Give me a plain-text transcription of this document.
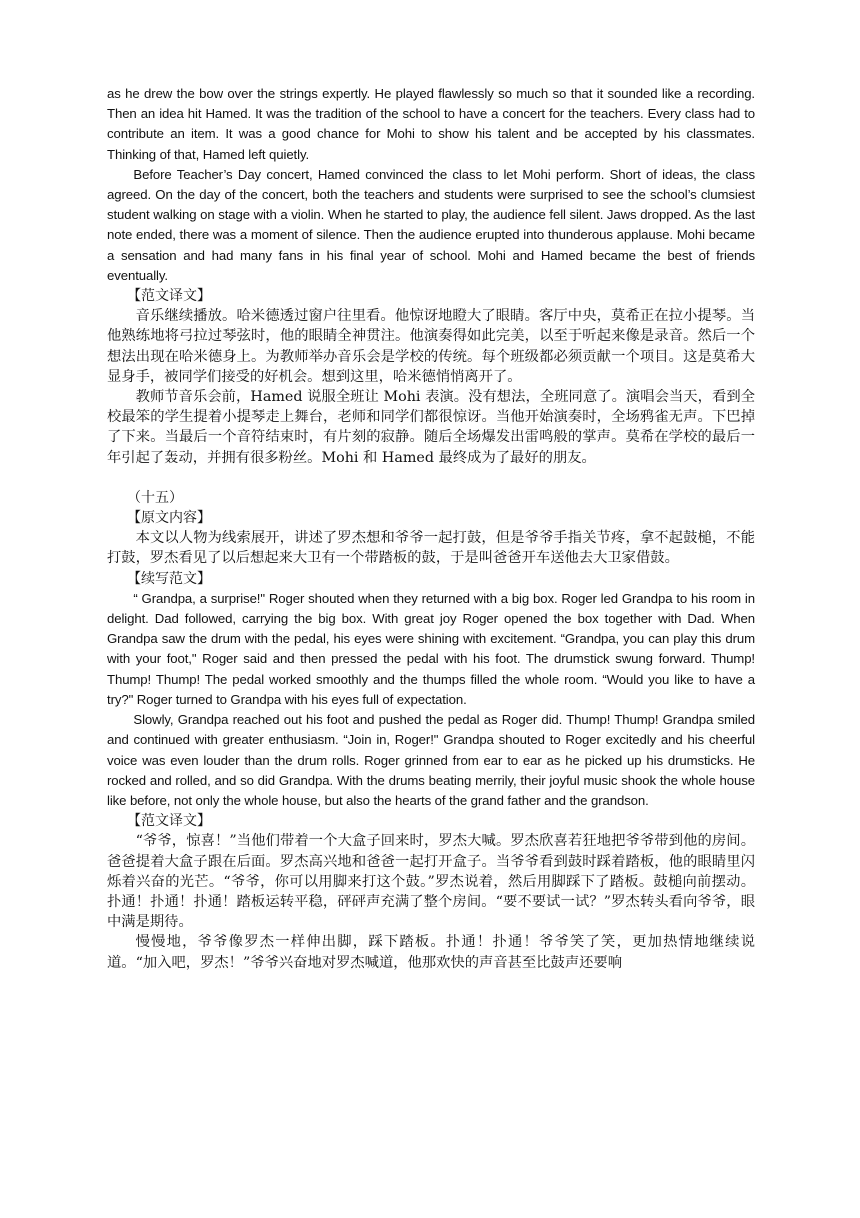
as he drew the bow over the strings expertly. He played flawlessly so much so that it sounded like a recording. Then an idea hit Hamed. It was the tradition of the school to have a concert for the teachers. Every class had to contribute an item. It was a good chance for Mohi to show his talent and be accepted by his classmates. Thinking of that, Hamed left quietly.

Before Teacher’s Day concert, Hamed convinced the class to let Mohi perform. Short of ideas, the class agreed. On the day of the concert, both the teachers and students were surprised to see the school’s clumsiest student walking on stage with a violin. When he started to play, the audience fell silent. Jaws dropped. As the last note ended, there was a moment of silence. Then the audience erupted into thunderous applause. Mohi became a sensation and had many fans in his final year of school. Mohi and Hamed became the best of friends eventually.

【范文译文】

音乐继续播放。哈米德透过窗户往里看。他惊讶地瞪大了眼睛。客厅中央，莫希正在拉小提琴。当他熟练地将弓拉过琴弦时，他的眼睛全神贯注。他演奏得如此完美，以至于听起来像是录音。然后一个想法出现在哈米德身上。为教师举办音乐会是学校的传统。每个班级都必须贡献一个项目。这是莫希大显身手，被同学们接受的好机会。想到这里，哈米德悄悄离开了。

教师节音乐会前，Hamed 说服全班让 Mohi 表演。没有想法，全班同意了。演唱会当天，看到全校最笨的学生提着小提琴走上舞台，老师和同学们都很惊讶。当他开始演奏时，全场鸦雀无声。下巴掉了下来。当最后一个音符结束时，有片刻的寂静。随后全场爆发出雷鸣般的掌声。莫希在学校的最后一年引起了轰动，并拥有很多粉丝。Mohi 和 Hamed 最终成为了最好的朋友。

（十五）

【原文内容】

本文以人物为线索展开，讲述了罗杰想和爷爷一起打鼓，但是爷爷手指关节疼，拿不起鼓槌，不能打鼓，罗杰看见了以后想起来大卫有一个带踏板的鼓，于是叫爸爸开车送他去大卫家借鼓。

【续写范文】

“ Grandpa, a surprise!" Roger shouted when they returned with a big box. Roger led Grandpa to his room in delight. Dad followed, carrying the big box. With great joy Roger opened the box together with Dad. When Grandpa saw the drum with the pedal, his eyes were shining with excitement. “Grandpa, you can play this drum with your foot," Roger said and then pressed the pedal with his foot. The drumstick swung forward. Thump! Thump! Thump! The pedal worked smoothly and the thumps filled the whole room. “Would you like to have a try?" Roger turned to Grandpa with his eyes full of expectation.

Slowly, Grandpa reached out his foot and pushed the pedal as Roger did. Thump! Thump! Grandpa smiled and continued with greater enthusiasm. “Join in, Roger!" Grandpa shouted to Roger excitedly and his cheerful voice was even louder than the drum rolls. Roger grinned from ear to ear as he picked up his drumsticks. He rocked and rolled, and so did Grandpa. With the drums beating merrily, their joyful music shook the whole house like before, not only the whole house, but also the hearts of the grand father and the grandson.

【范文译文】

“爷爷，惊喜！”当他们带着一个大盒子回来时，罗杰大喊。罗杰欣喜若狂地把爷爷带到他的房间。爸爸提着大盒子跟在后面。罗杰高兴地和爸爸一起打开盒子。当爷爷看到鼓时踩着踏板，他的眼睛里闪烁着兴奋的光芒。“爷爷，你可以用脚来打这个鼓。”罗杰说着，然后用脚踩下了踏板。鼓槌向前摆动。扑通！扑通！扑通！踏板运转平稳，砰砰声充满了整个房间。“要不要试一试？”罗杰转头看向爷爷，眼中满是期待。

慢慢地，爷爷像罗杰一样伸出脚，踩下踏板。扑通！扑通！爷爷笑了笑，更加热情地继续说道。“加入吧，罗杰！”爷爷兴奋地对罗杰喊道，他那欢快的声音甚至比鼓声还要响
